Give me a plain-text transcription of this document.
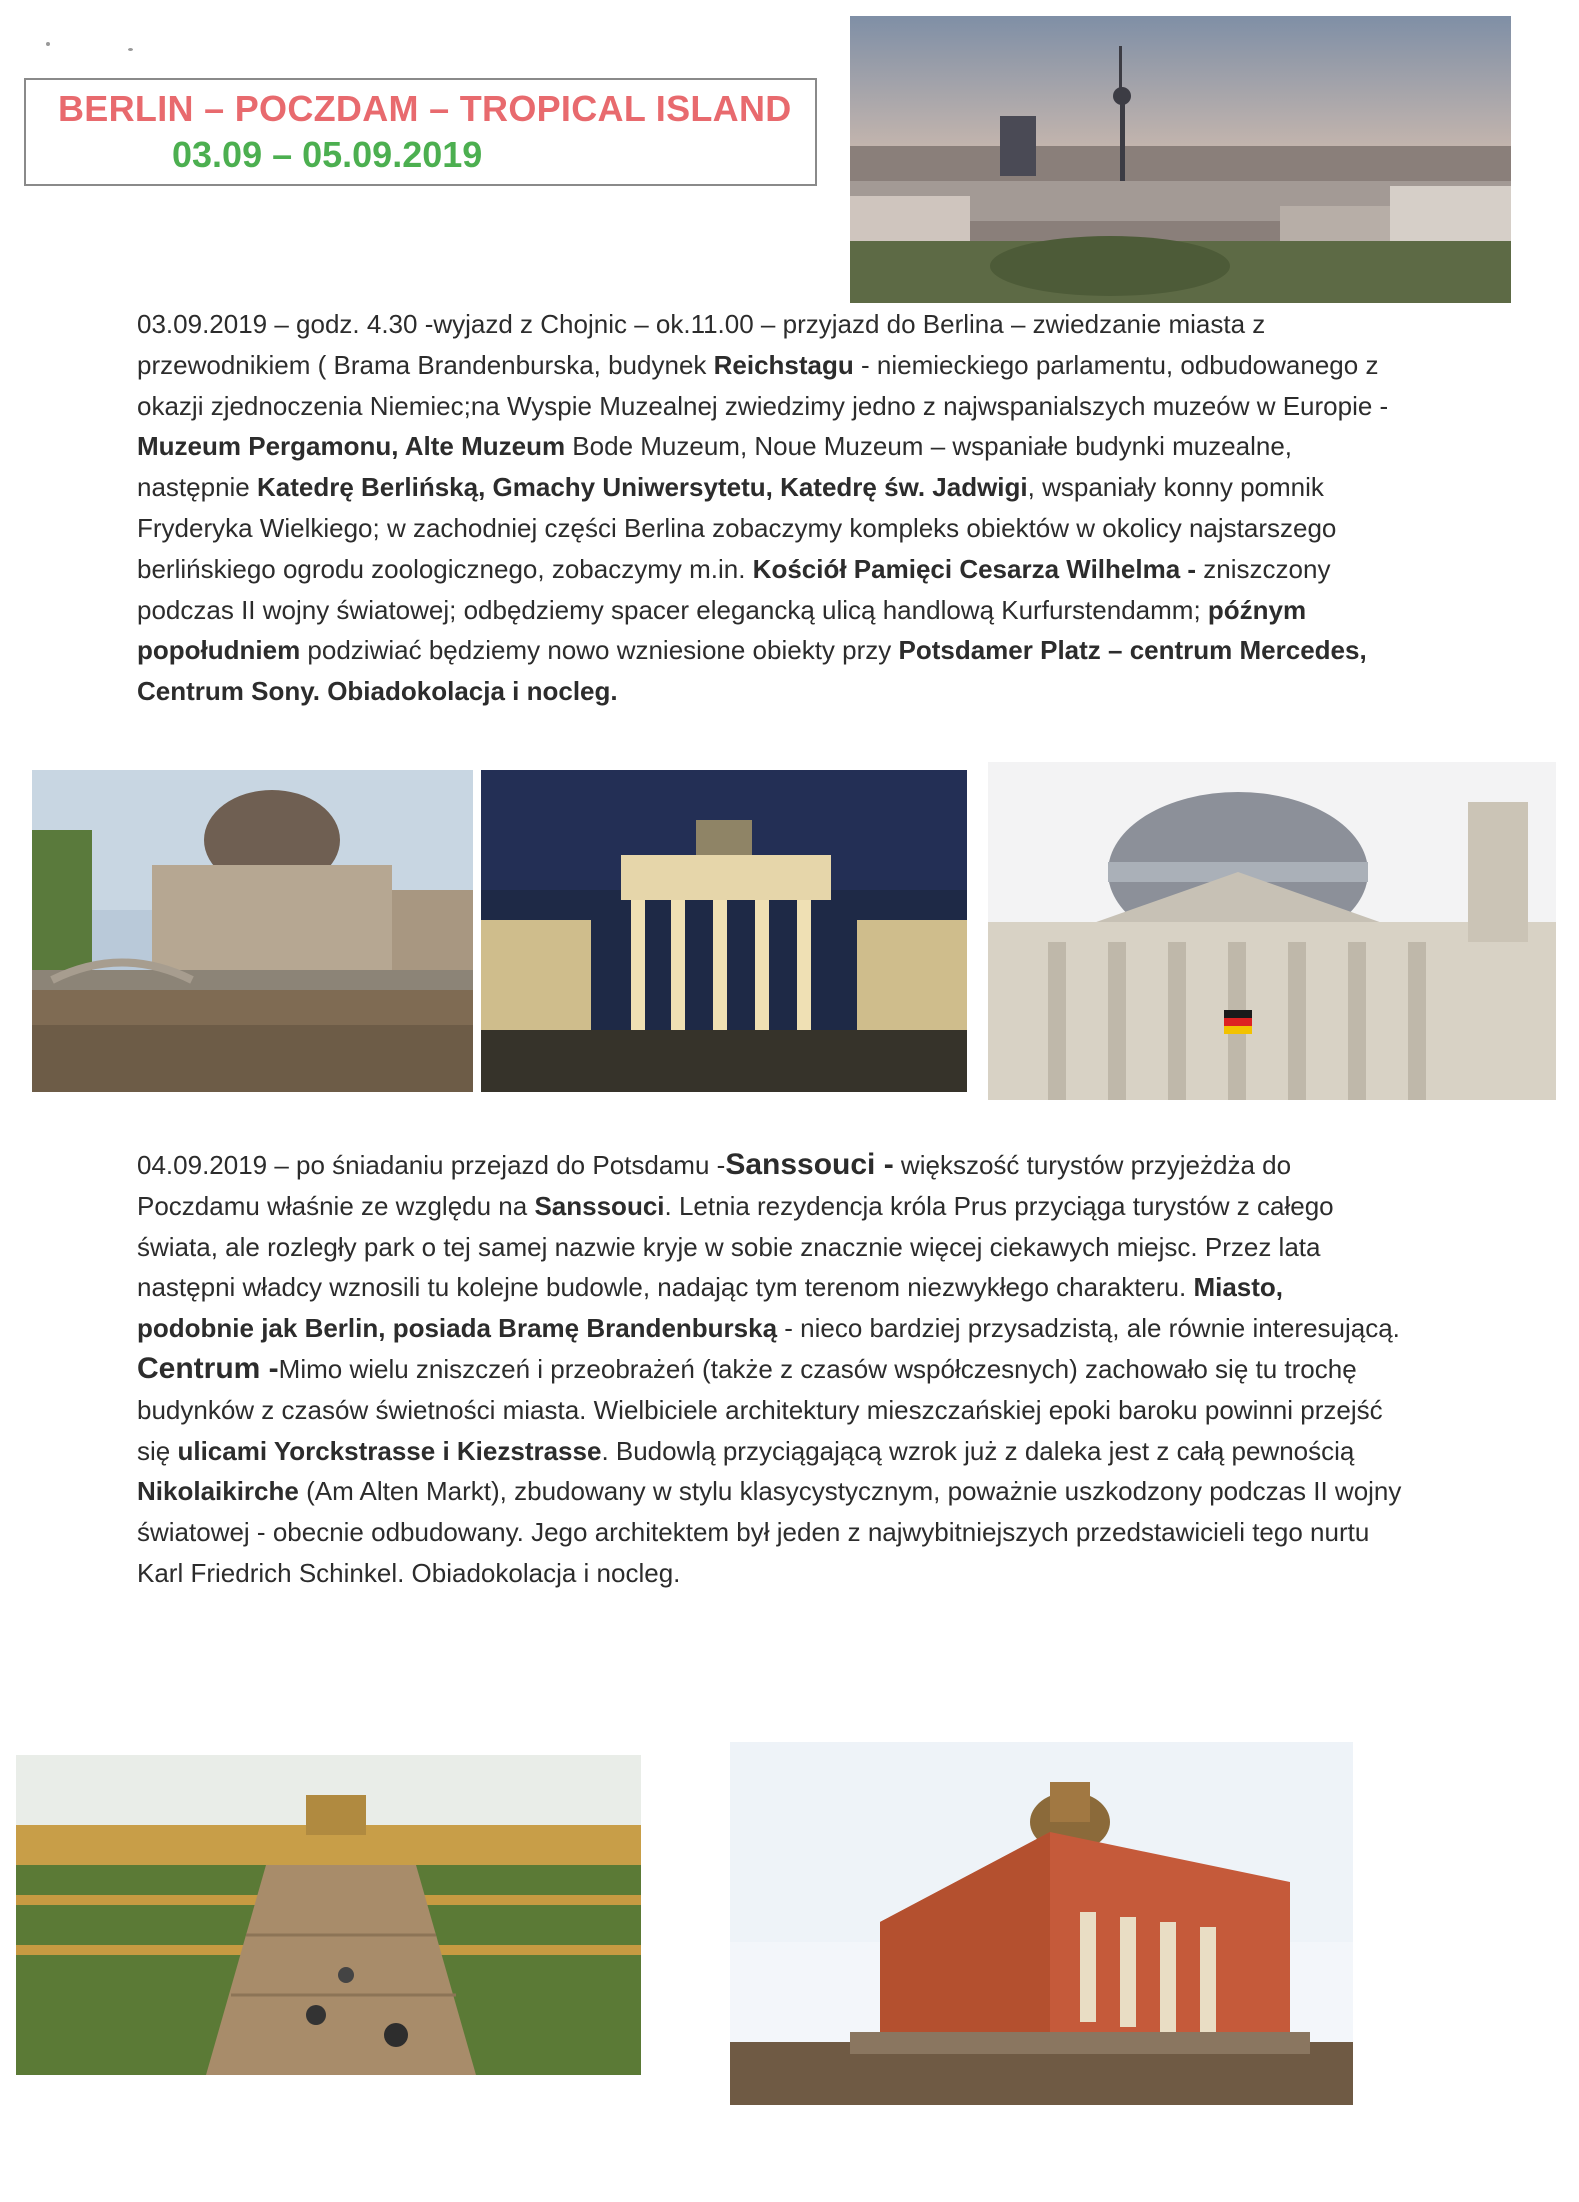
BERLIN – POCZDAM – TROPICAL ISLAND
03.09 – 05.09.2019
03.09.2019 – godz. 4.30 -wyjazd z Chojnic – ok.11.00 – przyjazd do Berlina – zwiedzanie miasta z przewodnikiem ( Brama Brandenburska, budynek Reichstagu - niemieckiego parlamentu, odbudowanego z okazji zjednoczenia Niemiec;na Wyspie Muzealnej zwiedzimy jedno z najwspanialszych muzeów w Europie - Muzeum Pergamonu, Alte Muzeum Bode Muzeum, Noue Muzeum – wspaniałe budynki muzealne, następnie Katedrę Berlińską, Gmachy Uniwersytetu, Katedrę św. Jadwigi, wspaniały konny pomnik Fryderyka Wielkiego; w zachodniej części Berlina zobaczymy kompleks obiektów w okolicy najstarszego berlińskiego ogrodu zoologicznego, zobaczymy m.in. Kościół Pamięci Cesarza Wilhelma - zniszczony podczas II wojny światowej; odbędziemy spacer elegancką ulicą handlową Kurfurstendamm; późnym popołudniem podziwiać będziemy nowo wzniesione obiekty przy Potsdamer Platz – centrum Mercedes, Centrum Sony. Obiadokolacja i nocleg.
04.09.2019 – po śniadaniu przejazd do Potsdamu -Sanssouci - większość turystów przyjeżdża do Poczdamu właśnie ze względu na Sanssouci. Letnia rezydencja króla Prus przyciąga turystów z całego świata, ale rozległy park o tej samej nazwie kryje w sobie znacznie więcej ciekawych miejsc. Przez lata następni władcy wznosili tu kolejne budowle, nadając tym terenom niezwykłego charakteru. Miasto, podobnie jak Berlin, posiada Bramę Brandenburską - nieco bardziej przysadzistą, ale równie interesującą. Centrum -Mimo wielu zniszczeń i przeobrażeń (także z czasów współczesnych) zachowało się tu trochę budynków z czasów świetności miasta. Wielbiciele architektury mieszczańskiej epoki baroku powinni przejść się ulicami Yorckstrasse i Kiezstrasse. Budowlą przyciągającą wzrok już z daleka jest z całą pewnością Nikolaikirche (Am Alten Markt), zbudowany w stylu klasycystycznym, poważnie uszkodzony podczas II wojny światowej - obecnie odbudowany. Jego architektem był jeden z najwybitniejszych przedstawicieli tego nurtu Karl Friedrich Schinkel. Obiadokolacja i nocleg.
